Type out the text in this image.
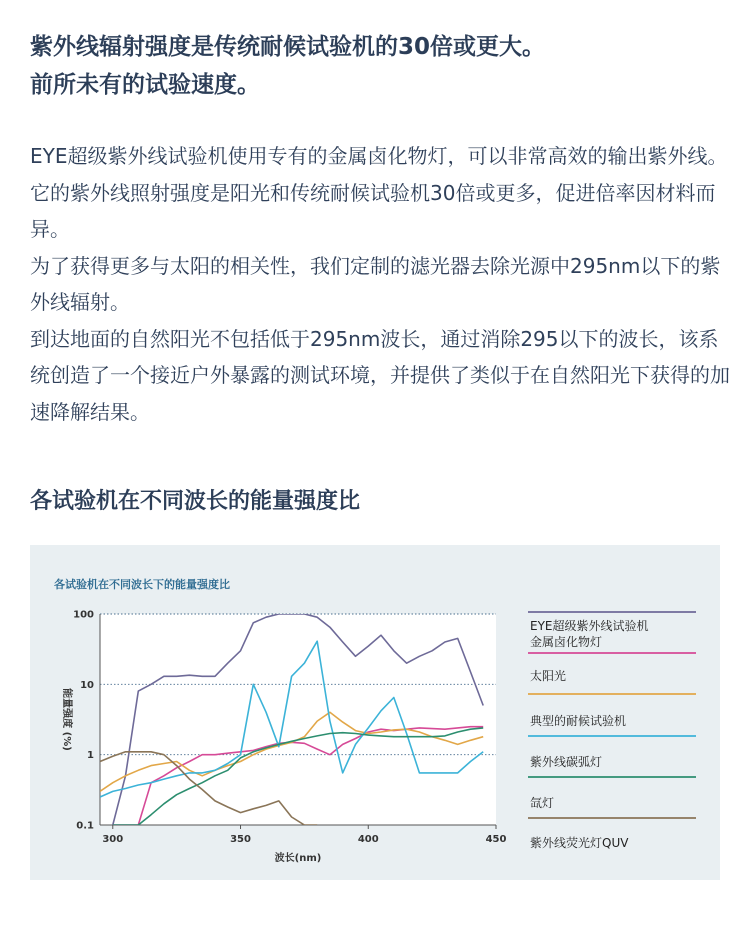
紫外线辐射强度是传统耐候试验机的30倍或更大。
前所未有的试验速度。

EYE超级紫外线试验机使用专有的金属卤化物灯，可以非常高效的输出紫外线。

它的紫外线照射强度是阳光和传统耐候试验机30倍或更多，促进倍率因材料而异。

为了获得更多与太阳的相关性，我们定制的滤光器去除光源中295nm以下的紫外线辐射。

到达地面的自然阳光不包括低于295nm波长，通过消除295以下的波长，该系统创造了一个接近户外暴露的测试环境，并提供了类似于在自然阳光下获得的加速降解结果。

各试验机在不同波长的能量强度比
各试验机在不同波长下的能量强度比
100
10
1
0.1
300	350	400	450
波长(nm)
能量强度 (%)
EYE超级紫外线试验机
金属卤化物灯
太阳光
典型的耐候试验机
紫外线碳弧灯
氙灯
紫外线荧光灯QUV
